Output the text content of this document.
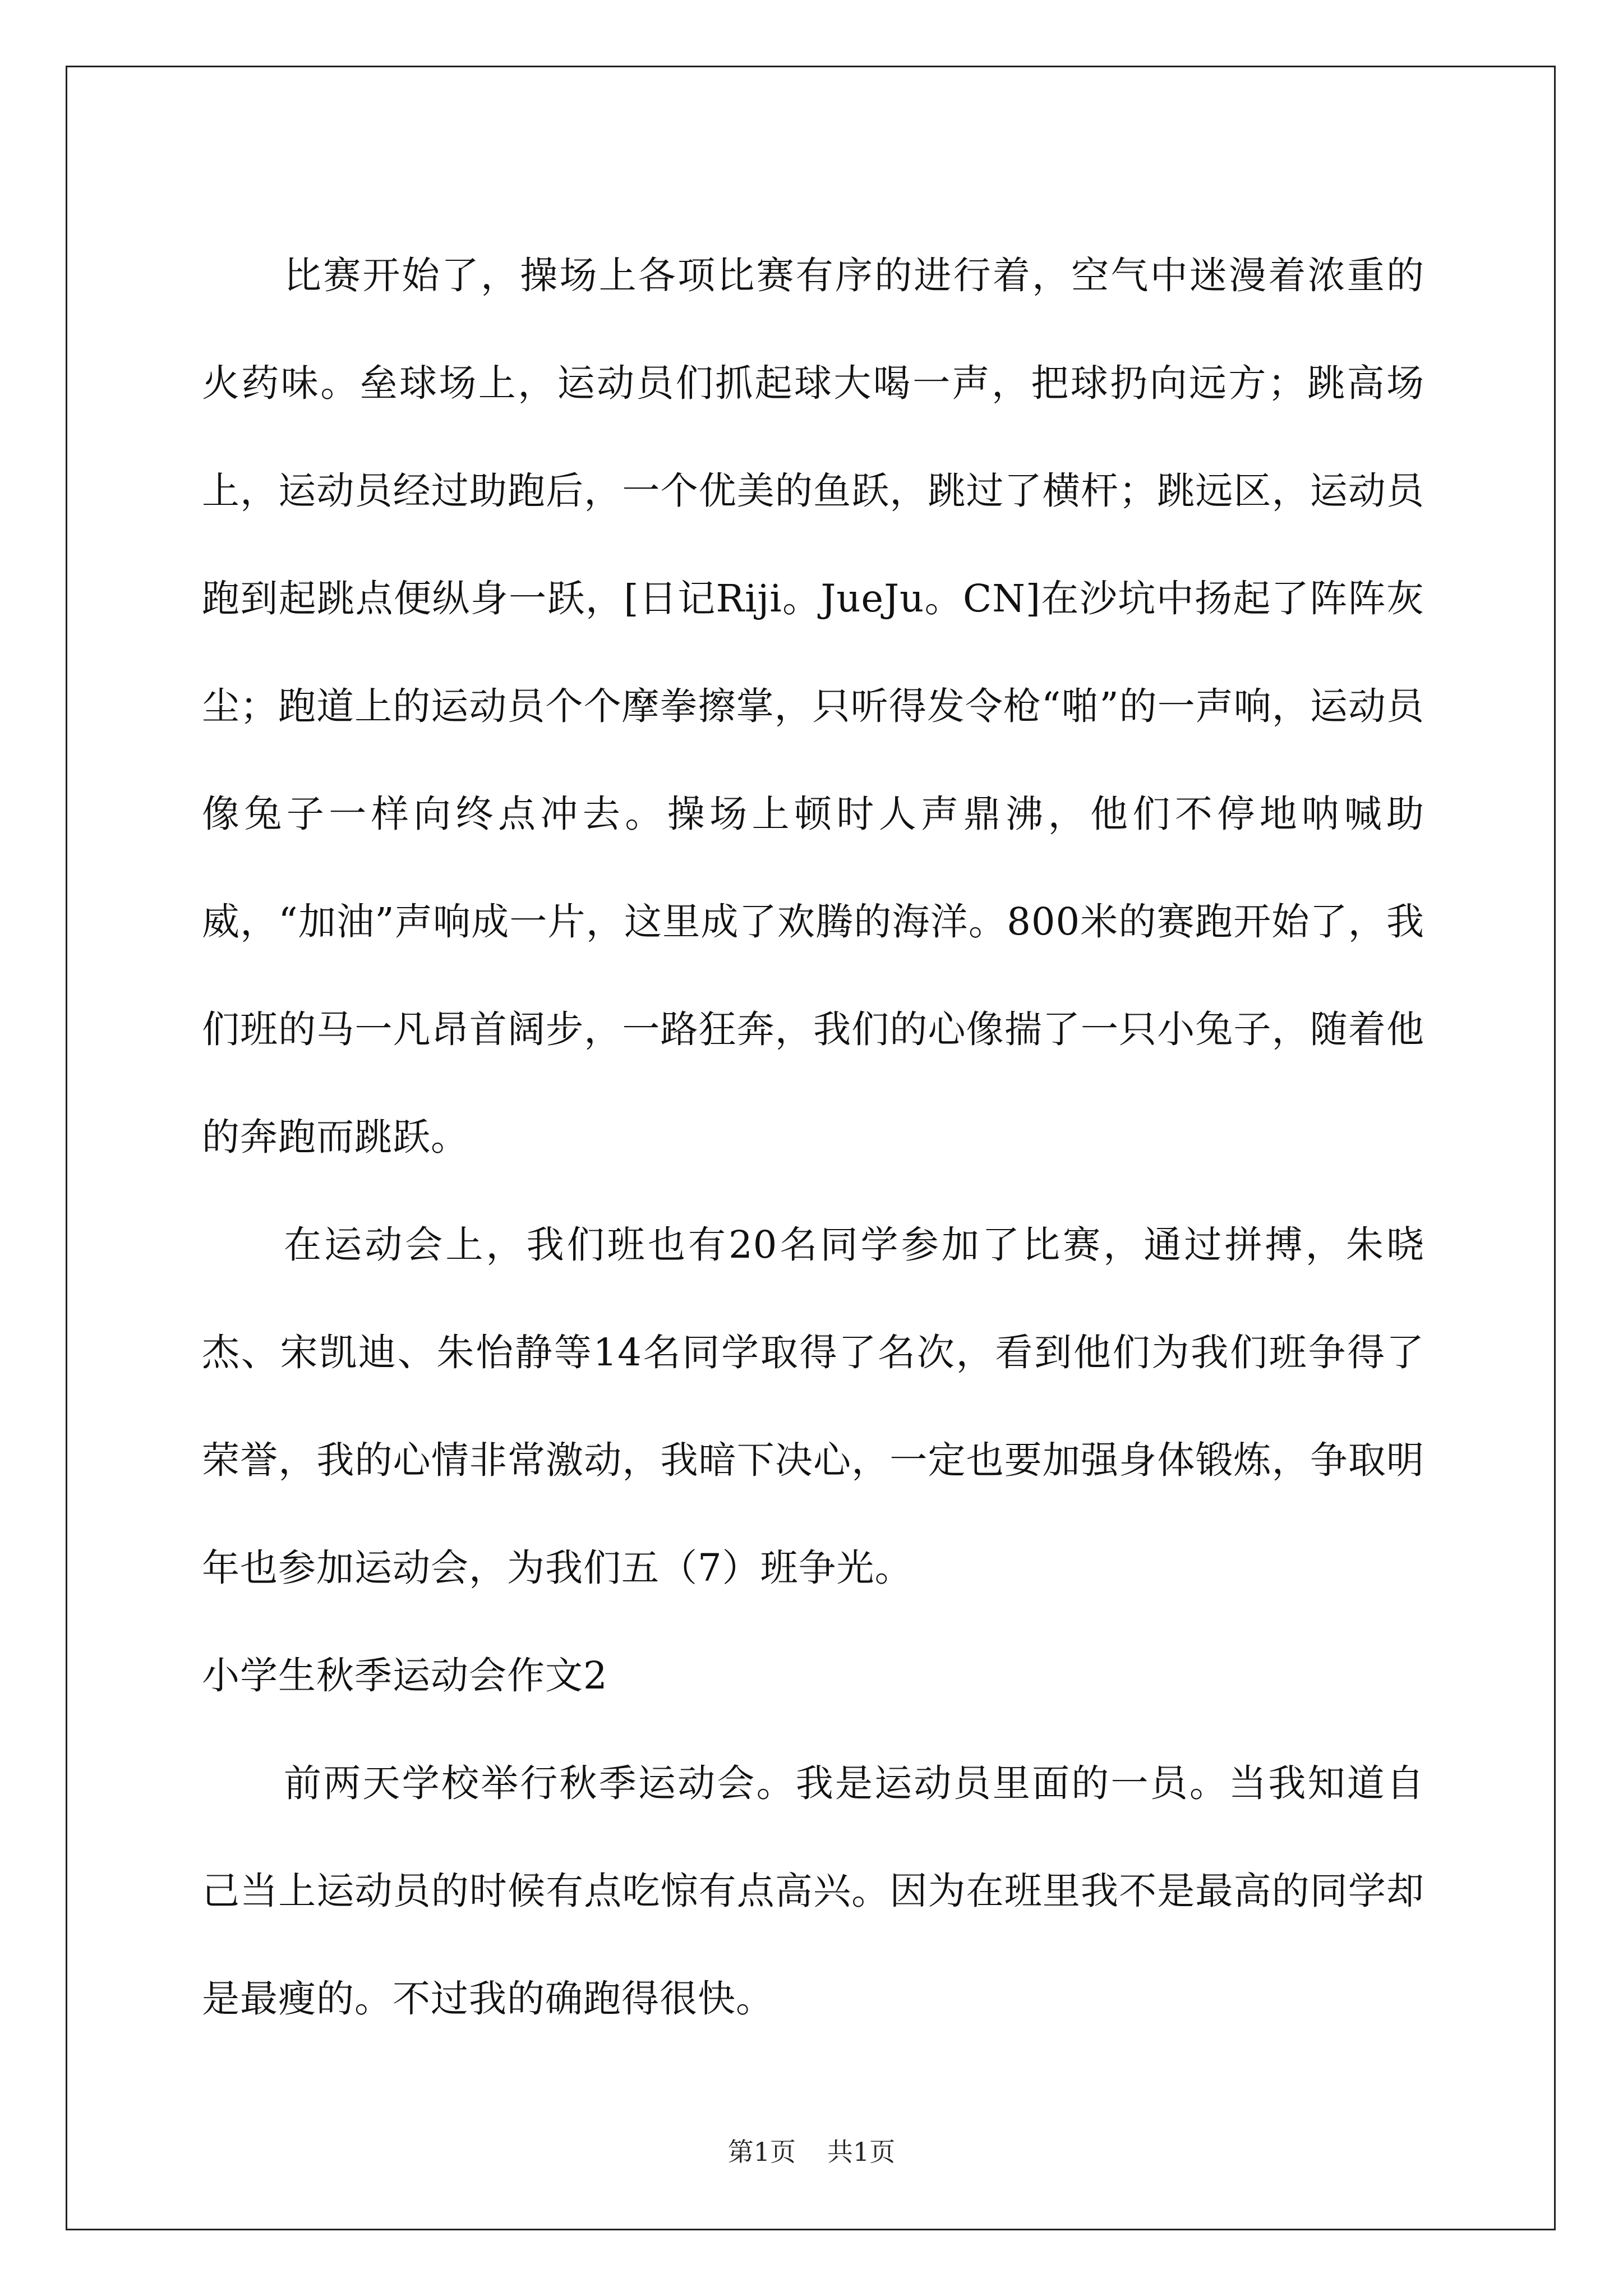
比赛开始了，操场上各项比赛有序的进行着，空气中迷漫着浓重的火药味。垒球场上，运动员们抓起球大喝一声，把球扔向远方；跳高场上，运动员经过助跑后，一个优美的鱼跃，跳过了横杆；跳远区，运动员跑到起跳点便纵身一跃，[日记Riji。JueJu。CN]在沙坑中扬起了阵阵灰尘；跑道上的运动员个个摩拳擦掌，只听得发令枪“啪”的一声响，运动员像兔子一样向终点冲去。操场上顿时人声鼎沸，他们不停地呐喊助威，“加油”声响成一片，这里成了欢腾的海洋。800米的赛跑开始了，我们班的马一凡昂首阔步，一路狂奔，我们的心像揣了一只小兔子，随着他的奔跑而跳跃。

在运动会上，我们班也有20名同学参加了比赛，通过拼搏，朱晓杰、宋凯迪、朱怡静等14名同学取得了名次，看到他们为我们班争得了荣誉，我的心情非常激动，我暗下决心，一定也要加强身体锻炼，争取明年也参加运动会，为我们五（7）班争光。

小学生秋季运动会作文2

前两天学校举行秋季运动会。我是运动员里面的一员。当我知道自己当上运动员的时候有点吃惊有点高兴。因为在班里我不是最高的同学却是最瘦的。不过我的确跑得很快。

第1页 共1页
